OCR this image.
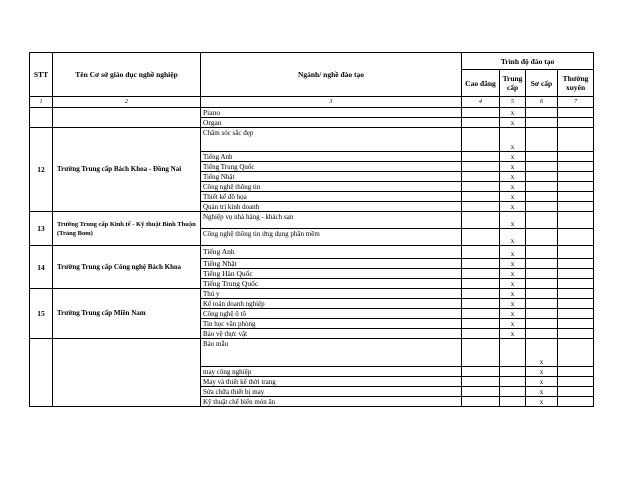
STT	Tên Cơ sở giáo dục nghề nghiệp	Ngành/ nghề đào tạo	Trình độ đào tạo			
			Cao đẳng	Trung cấp	Sơ cấp	Thường xuyên
1	2	3	4	5	6	7
		Piano		x		
		Organ		x		
12	Trường Trung cấp Bách Khoa - Đồng Nai	Chăm sóc sắc đẹp		x		
		Tiếng Anh		x		
		Tiếng Trung Quốc		x		
		Tiếng Nhật		x		
		Công nghệ thông tin		x		
		Thiết kế đồ họa		x		
		Quản trị kinh doanh		x		
13	Trường Trung cấp Kinh tế - Kỹ thuật Bình Thuận (Trảng Bom)	Nghiệp vụ nhà hàng - khách sạn		x		
		Công nghệ thông tin ứng dụng phần mềm		x		
14	Trường Trung cấp Công nghệ Bách Khoa	Tiếng Anh		x		
		Tiếng Nhật		x		
		Tiếng Hàn Quốc		x		
		Tiếng Trung Quốc		x		
15	Trường Trung cấp Miền Nam	Thú y		x		
		Kế toán doanh nghiệp		x		
		Công nghệ ô tô		x		
		Tin học văn phòng		x		
		Bảo vệ thực vật		x		
		Bảo mẫu			x	
		may công nghiệp			x	
		May và thiết kế thời trang			x	
		Sửa chữa thiết bị may			x	
		Kỹ thuật chế biến món ăn			x	
